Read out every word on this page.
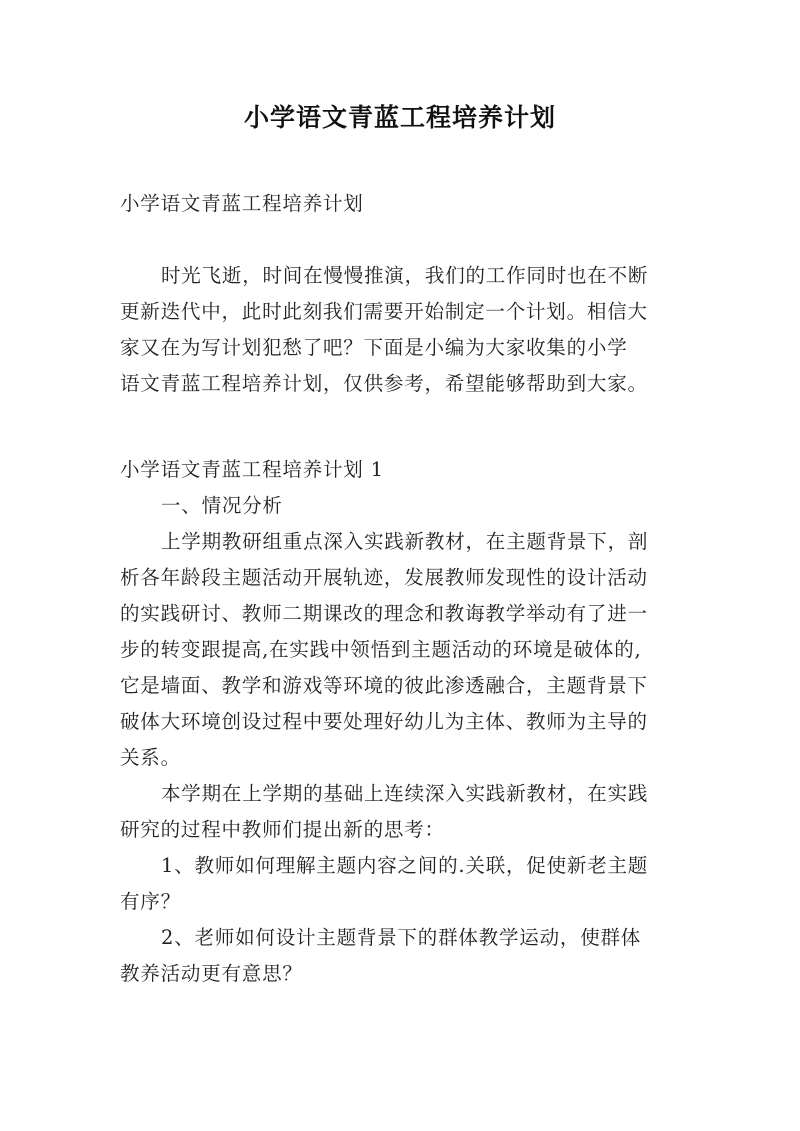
小学语文青蓝工程培养计划
小学语文青蓝工程培养计划
时光飞逝，时间在慢慢推演，我们的工作同时也在不断
更新迭代中，此时此刻我们需要开始制定一个计划。相信大
家又在为写计划犯愁了吧？下面是小编为大家收集的小学
语文青蓝工程培养计划，仅供参考，希望能够帮助到大家。
小学语文青蓝工程培养计划 1
一、情况分析
上学期教研组重点深入实践新教材，在主题背景下，剖
析各年龄段主题活动开展轨迹，发展教师发现性的设计活动
的实践研讨、教师二期课改的理念和教诲教学举动有了进一
步的转变跟提高,在实践中领悟到主题活动的环境是破体的,
它是墙面、教学和游戏等环境的彼此渗透融合，主题背景下
破体大环境创设过程中要处理好幼儿为主体、教师为主导的
关系。
本学期在上学期的基础上连续深入实践新教材，在实践
研究的过程中教师们提出新的思考：
1、教师如何理解主题内容之间的.关联，促使新老主题
有序？
2、老师如何设计主题背景下的群体教学运动，使群体
教养活动更有意思？
